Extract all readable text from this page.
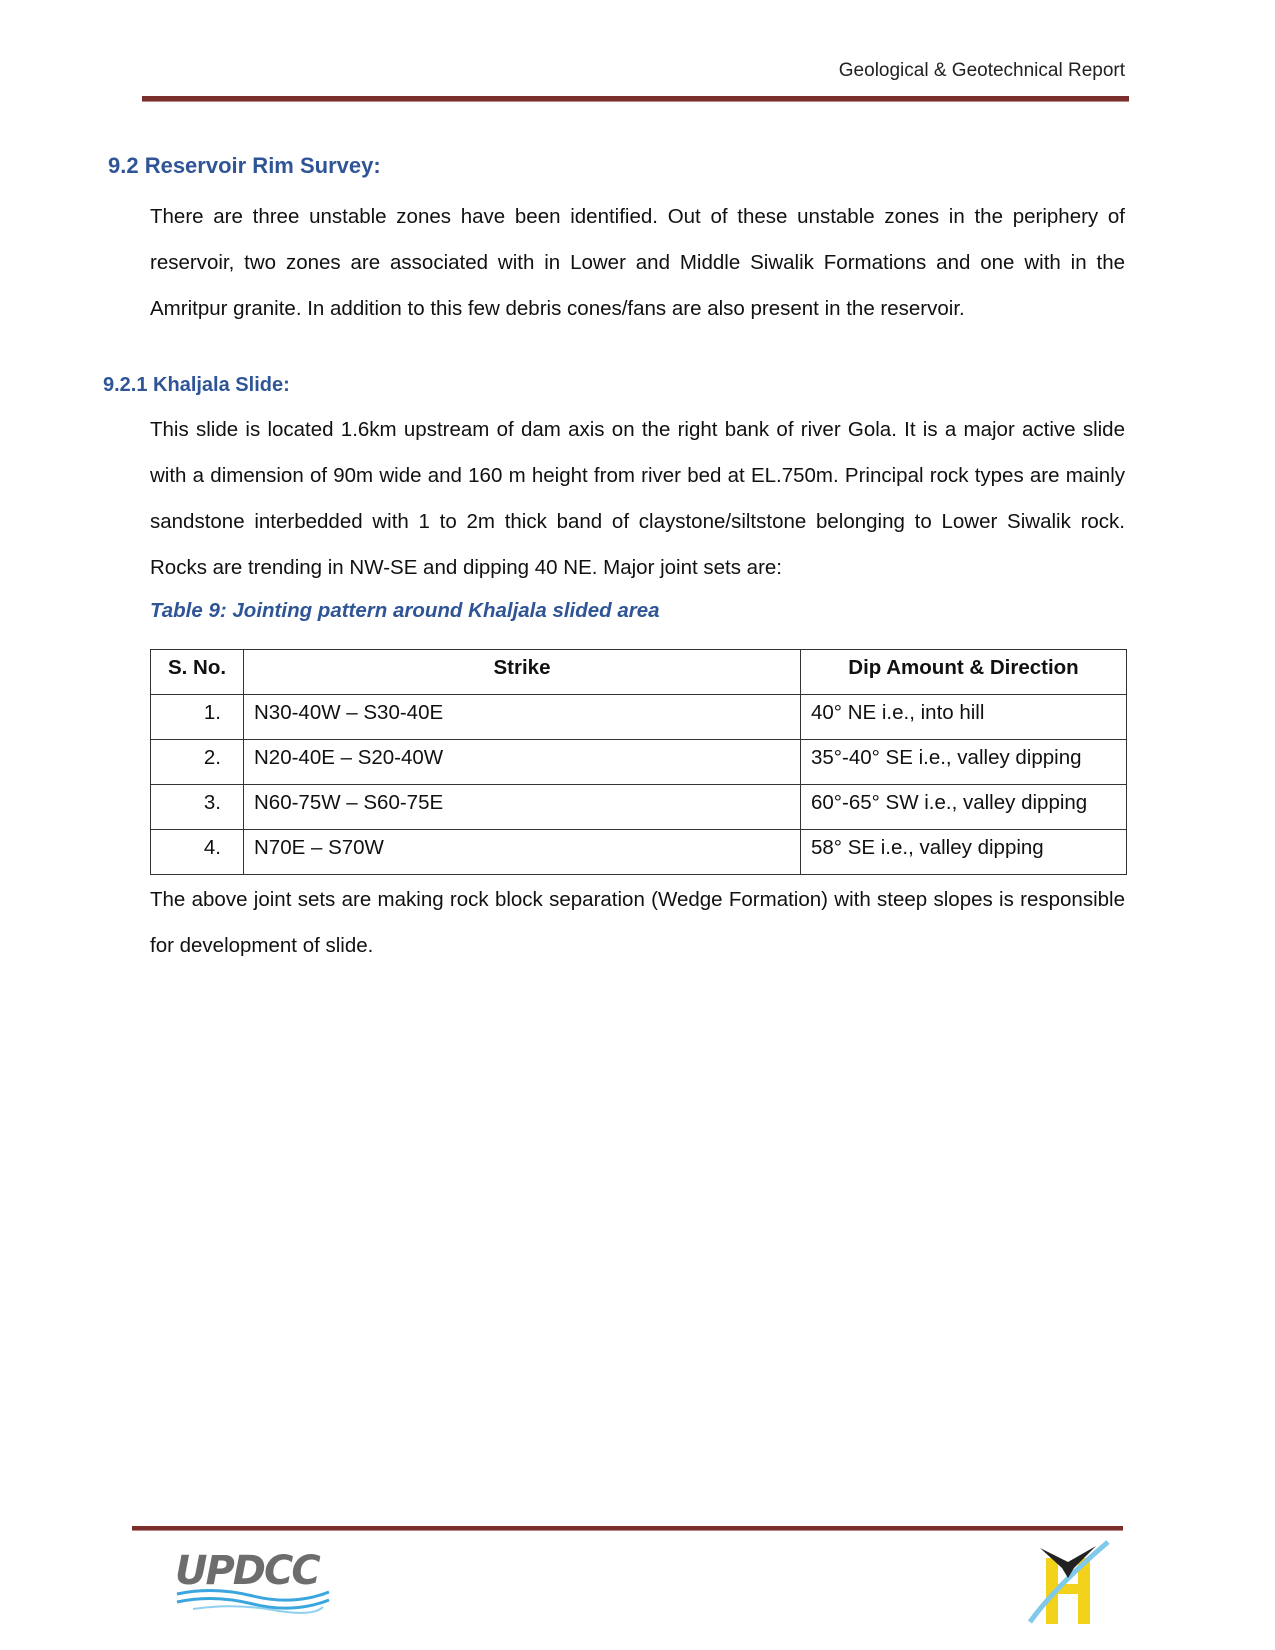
Geological & Geotechnical Report
9.2 Reservoir Rim Survey:

There are three unstable zones have been identified. Out of these unstable zones in the periphery of reservoir, two zones are associated with in Lower and Middle Siwalik Formations and one with in the Amritpur granite. In addition to this few debris cones/fans are also present in the reservoir.

9.2.1 Khaljala Slide:

This slide is located 1.6km upstream of dam axis on the right bank of river Gola. It is a major active slide with a dimension of 90m wide and 160 m height from river bed at EL.750m. Principal rock types are mainly sandstone interbedded with 1 to 2m thick band of claystone/siltstone belonging to Lower Siwalik rock. Rocks are trending in NW-SE and dipping 40 NE. Major joint sets are:

Table 9: Jointing pattern around Khaljala slided area
S. No.	Strike	Dip Amount & Direction
1.	N30-40W – S30-40E	40° NE i.e., into hill
2.	N20-40E – S20-40W	35°-40° SE i.e., valley dipping
3.	N60-75W – S60-75E	60°-65° SW i.e., valley dipping
4.	N70E – S70W	58° SE i.e., valley dipping

The above joint sets are making rock block separation (Wedge Formation) with steep slopes is responsible for development of slide.

UPDCC
